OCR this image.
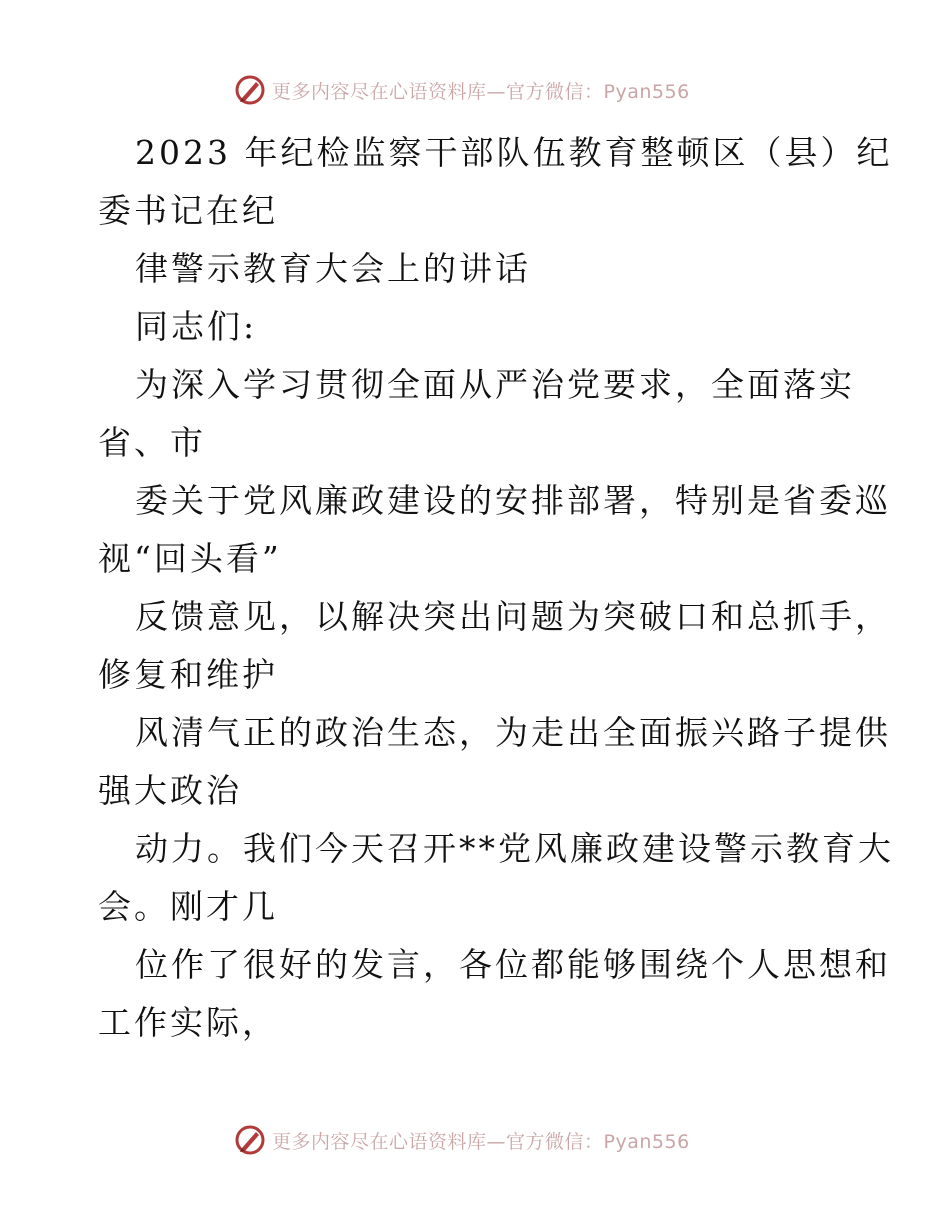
更多内容尽在心语资料库—官方微信：Pyan556
2023 年纪检监察干部队伍教育整顿区（县）纪
委书记在纪
律警示教育大会上的讲话
同志们:
为深入学习贯彻全面从严治党要求，全面落实
省、市
委关于党风廉政建设的安排部署，特别是省委巡
视“回头看”
反馈意见，以解决突出问题为突破口和总抓手，
修复和维护
风清气正的政治生态，为走出全面振兴路子提供
强大政治
动力。我们今天召开**党风廉政建设警示教育大
会。刚才几
位作了很好的发言，各位都能够围绕个人思想和
工作实际，
更多内容尽在心语资料库—官方微信：Pyan556
